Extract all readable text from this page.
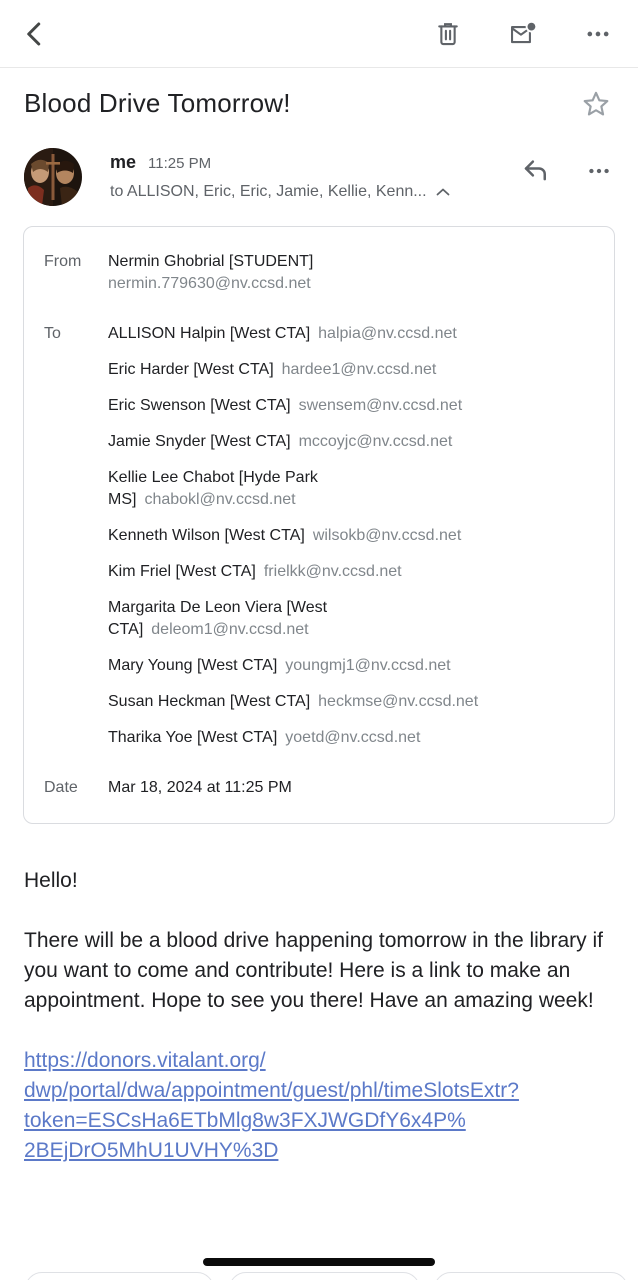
Blood Drive Tomorrow!
me 11:25 PM
to ALLISON, Eric, Eric, Jamie, Kellie, Kenn...
From	Nermin Ghobrial [STUDENT]
nermin.779630@nv.ccsd.net
To	ALLISON Halpin [West CTA] halpia@nv.ccsd.net
Eric Harder [West CTA] hardee1@nv.ccsd.net
Eric Swenson [West CTA] swensem@nv.ccsd.net
Jamie Snyder [West CTA] mccoyjc@nv.ccsd.net
Kellie Lee Chabot [Hyde Park MS] chabokl@nv.ccsd.net
Kenneth Wilson [West CTA] wilsokb@nv.ccsd.net
Kim Friel [West CTA] frielkk@nv.ccsd.net
Margarita De Leon Viera [West CTA] deleom1@nv.ccsd.net
Mary Young [West CTA] youngmj1@nv.ccsd.net
Susan Heckman [West CTA] heckmse@nv.ccsd.net
Tharika Yoe [West CTA] yoetd@nv.ccsd.net
Date	Mar 18, 2024 at 11:25 PM
Hello!
There will be a blood drive happening tomorrow in the library if you want to come and contribute! Here is a link to make an appointment. Hope to see you there! Have an amazing week!
https://donors.vitalant.org/
dwp/portal/dwa/appointment/guest/phl/timeSlotsExtr?
token=ESCsHa6ETbMlg8w3FXJWGDfY6x4P%
2BEjDrO5MhU1UVHY%3D
